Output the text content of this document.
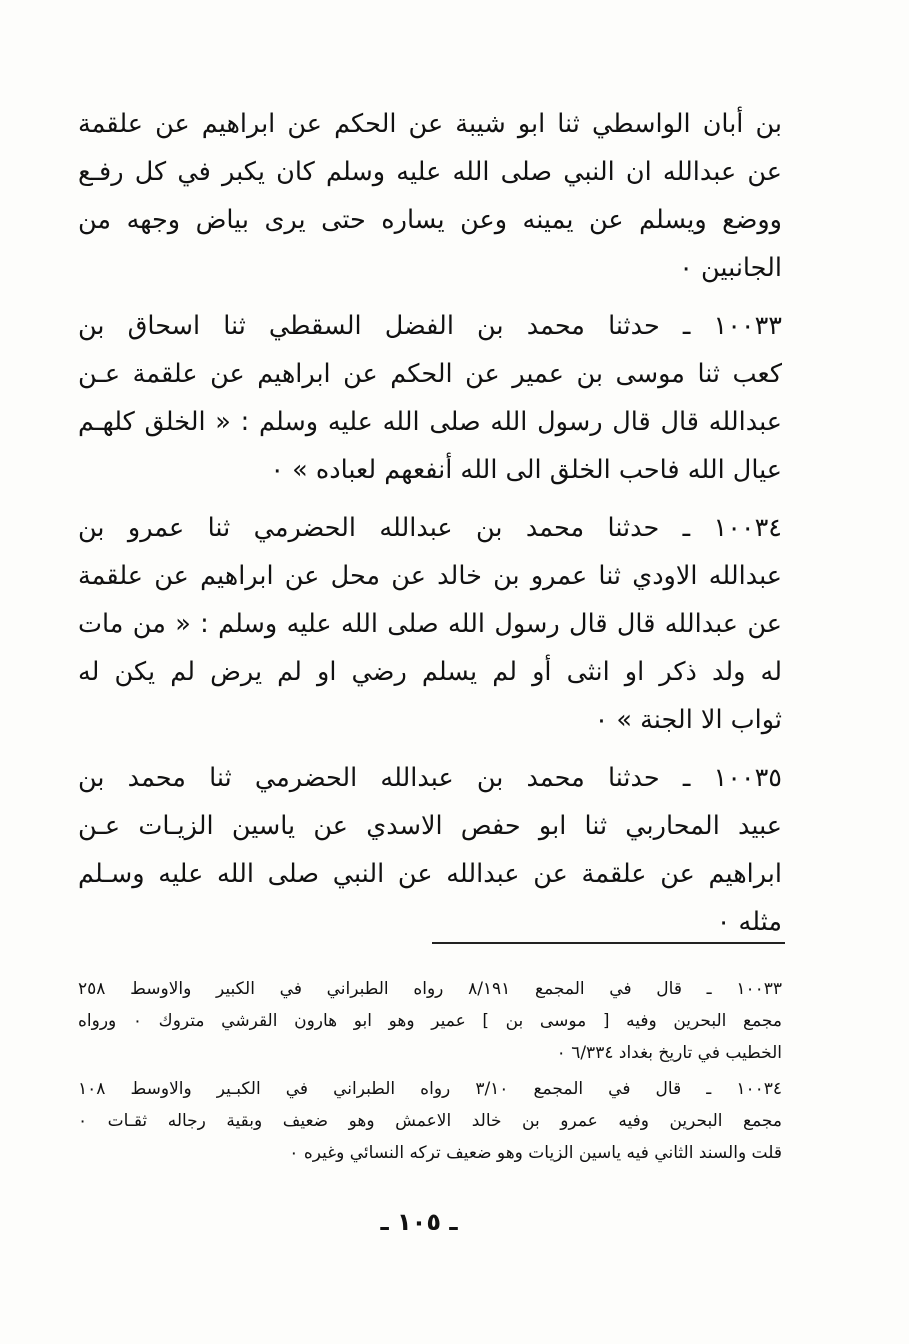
بن أبان الواسطي ثنا ابو شيبة عن الحكم عن ابراهيم عن علقمة
عن عبدالله ان النبي صلى الله عليه وسلم كان يكبر في كل رفـع
ووضع ويسلم عن يمينه وعن يساره حتى يرى بياض وجهه من
الجانبين ٠
١٠٠٣٣ ـ حدثنا محمد بن الفضل السقطي ثنا اسحاق بن
كعب ثنا موسى بن عمير عن الحكم عن ابراهيم عن علقمة عـن
عبدالله قال قال رسول الله صلى الله عليه وسلم : « الخلق كلهـم
عيال الله فاحب الخلق الى الله أنفعهم لعباده » ٠
١٠٠٣٤ ـ حدثنا محمد بن عبدالله الحضرمي ثنا عمرو بن
عبدالله الاودي ثنا عمرو بن خالد عن محل عن ابراهيم عن علقمة
عن عبدالله قال قال رسول الله صلى الله عليه وسلم : « من مات
له ولد ذكر او انثى أو لم يسلم رضي او لم يرض لم يكن له
ثواب الا الجنة » ٠
١٠٠٣٥ ـ حدثنا محمد بن عبدالله الحضرمي ثنا محمد بن
عبيد المحاربي ثنا ابو حفص الاسدي عن ياسين الزيـات عـن
ابراهيم عن علقمة عن عبدالله عن النبي صلى الله عليه وسـلم
مثله ٠
١٠٠٣٣ ـ قال في المجمع ٨/١٩١ رواه الطبراني في الكبير والاوسط ٢٥٨
مجمع البحرين وفيه [ موسى بن ] عمير وهو ابو هارون القرشي متروك ٠ ورواه
الخطيب في تاريخ بغداد ٦/٣٣٤ ٠
١٠٠٣٤ ـ قال في المجمع ٣/١٠ رواه الطبراني في الكبـير والاوسط ١٠٨
مجمع البحرين وفيه عمرو بن خالد الاعمش وهو ضعيف وبقية رجاله ثقـات ٠
قلت والسند الثاني فيه ياسين الزيات وهو ضعيف تركه النسائي وغيره ٠
ـ ١٠٥ ـ
